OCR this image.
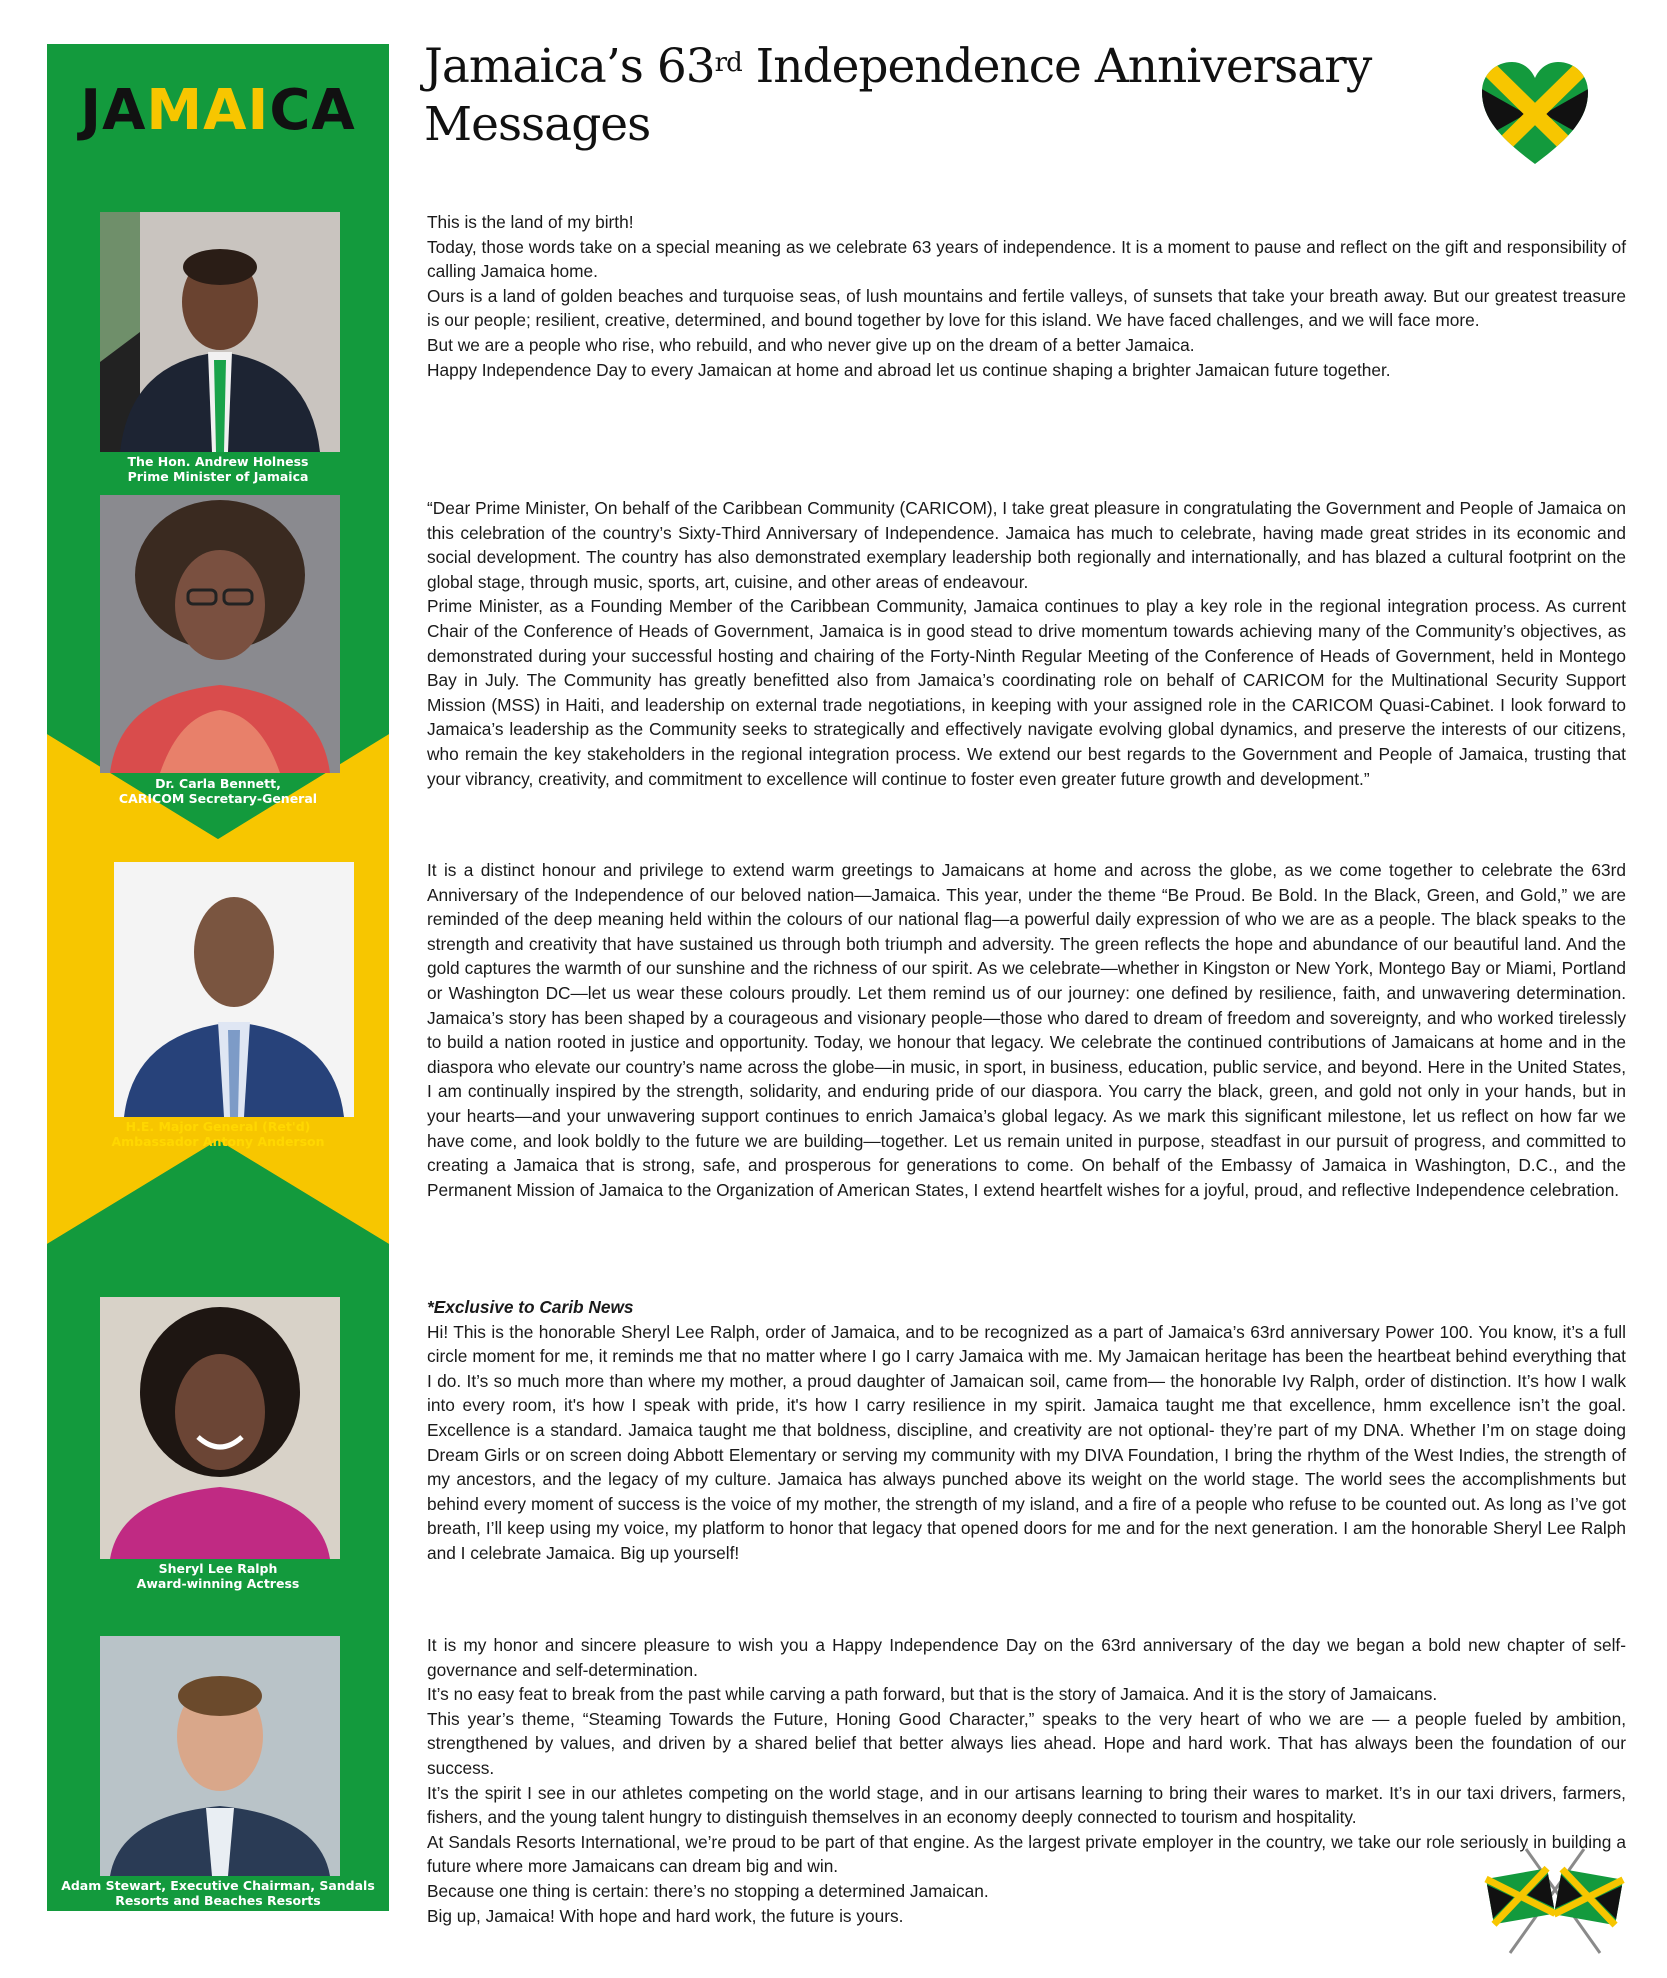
JAMAICA
The Hon. Andrew Holness
Prime Minister of Jamaica
Dr. Carla Bennett,
CARICOM Secretary-General
H.E. Major General (Ret'd)
Ambassador Antony Anderson
Sheryl Lee Ralph
Award-winning Actress
Adam Stewart, Executive Chairman, Sandals
Resorts and Beaches Resorts
Jamaica’s 63rd Independence Anniversary
Messages

This is the land of my birth!

Today, those words take on a special meaning as we celebrate 63 years of independence. It is a moment to pause and reflect on the gift and responsibility of calling Jamaica home.

Ours is a land of golden beaches and turquoise seas, of lush mountains and fertile valleys, of sunsets that take your breath away. But our greatest treasure is our people; resilient, creative, determined, and bound together by love for this island. We have faced challenges, and we will face more.

But we are a people who rise, who rebuild, and who never give up on the dream of a better Jamaica.

Happy Independence Day to every Jamaican at home and abroad let us continue shaping a brighter Jamaican future together.

“Dear Prime Minister, On behalf of the Caribbean Community (CARICOM), I take great pleasure in congratulating the Government and People of Jamaica on this celebration of the country’s Sixty-Third Anniversary of Independence. Jamaica has much to celebrate, having made great strides in its economic and social development. The country has also demonstrated exemplary leadership both regionally and internationally, and has blazed a cultural footprint on the global stage, through music, sports, art, cuisine, and other areas of endeavour.

Prime Minister, as a Founding Member of the Caribbean Community, Jamaica continues to play a key role in the regional integration process. As current Chair of the Conference of Heads of Government, Jamaica is in good stead to drive momentum towards achieving many of the Community’s objectives, as demonstrated during your successful hosting and chairing of the Forty-Ninth Regular Meeting of the Conference of Heads of Government, held in Montego Bay in July. The Community has greatly benefitted also from Jamaica’s coordinating role on behalf of CARICOM for the Multinational Security Support Mission (MSS) in Haiti, and leadership on external trade negotiations, in keeping with your assigned role in the CARICOM Quasi-Cabinet. I look forward to Jamaica’s leadership as the Community seeks to strategically and effectively navigate evolving global dynamics, and preserve the interests of our citizens, who remain the key stakeholders in the regional integration process. We extend our best regards to the Government and People of Jamaica, trusting that your vibrancy, creativity, and commitment to excellence will continue to foster even greater future growth and development.”

It is a distinct honour and privilege to extend warm greetings to Jamaicans at home and across the globe, as we come together to celebrate the 63rd Anniversary of the Independence of our beloved nation—Jamaica. This year, under the theme “Be Proud. Be Bold. In the Black, Green, and Gold,” we are reminded of the deep meaning held within the colours of our national flag—a powerful daily expression of who we are as a people. The black speaks to the strength and creativity that have sustained us through both triumph and adversity. The green reflects the hope and abundance of our beautiful land. And the gold captures the warmth of our sunshine and the richness of our spirit. As we celebrate—whether in Kingston or New York, Montego Bay or Miami, Portland or Washington DC—let us wear these colours proudly. Let them remind us of our journey: one defined by resilience, faith, and unwavering determination. Jamaica’s story has been shaped by a courageous and visionary people—those who dared to dream of freedom and sovereignty, and who worked tirelessly to build a nation rooted in justice and opportunity. Today, we honour that legacy. We celebrate the continued contributions of Jamaicans at home and in the diaspora who elevate our country’s name across the globe—in music, in sport, in business, education, public service, and beyond. Here in the United States, I am continually inspired by the strength, solidarity, and enduring pride of our diaspora. You carry the black, green, and gold not only in your hands, but in your hearts—and your unwavering support continues to enrich Jamaica’s global legacy. As we mark this significant milestone, let us reflect on how far we have come, and look boldly to the future we are building—together. Let us remain united in purpose, steadfast in our pursuit of progress, and committed to creating a Jamaica that is strong, safe, and prosperous for generations to come. On behalf of the Embassy of Jamaica in Washington, D.C., and the Permanent Mission of Jamaica to the Organization of American States, I extend heartfelt wishes for a joyful, proud, and reflective Independence celebration.

*Exclusive to Carib News

Hi! This is the honorable Sheryl Lee Ralph, order of Jamaica, and to be recognized as a part of Jamaica’s 63rd anniversary Power 100. You know, it’s a full circle moment for me, it reminds me that no matter where I go I carry Jamaica with me. My Jamaican heritage has been the heartbeat behind everything that I do. It’s so much more than where my mother, a proud daughter of Jamaican soil, came from— the honorable Ivy Ralph, order of distinction. It’s how I walk into every room, it's how I speak with pride, it's how I carry resilience in my spirit. Jamaica taught me that excellence, hmm excellence isn’t the goal. Excellence is a standard. Jamaica taught me that boldness, discipline, and creativity are not optional- they’re part of my DNA. Whether I’m on stage doing Dream Girls or on screen doing Abbott Elementary or serving my community with my DIVA Foundation, I bring the rhythm of the West Indies, the strength of my ancestors, and the legacy of my culture. Jamaica has always punched above its weight on the world stage. The world sees the accomplishments but behind every moment of success is the voice of my mother, the strength of my island, and a fire of a people who refuse to be counted out. As long as I’ve got breath, I’ll keep using my voice, my platform to honor that legacy that opened doors for me and for the next generation. I am the honorable Sheryl Lee Ralph and I celebrate Jamaica. Big up yourself!

It is my honor and sincere pleasure to wish you a Happy Independence Day on the 63rd anniversary of the day we began a bold new chapter of self-governance and self-determination.

It’s no easy feat to break from the past while carving a path forward, but that is the story of Jamaica. And it is the story of Jamaicans.

This year’s theme, “Steaming Towards the Future, Honing Good Character,” speaks to the very heart of who we are — a people fueled by ambition, strengthened by values, and driven by a shared belief that better always lies ahead. Hope and hard work. That has always been the foundation of our success.

It’s the spirit I see in our athletes competing on the world stage, and in our artisans learning to bring their wares to market. It’s in our taxi drivers, farmers, fishers, and the young talent hungry to distinguish themselves in an economy deeply connected to tourism and hospitality.

At Sandals Resorts International, we’re proud to be part of that engine. As the largest private employer in the country, we take our role seriously in building a future where more Jamaicans can dream big and win.

Because one thing is certain: there’s no stopping a determined Jamaican.

Big up, Jamaica! With hope and hard work, the future is yours.
